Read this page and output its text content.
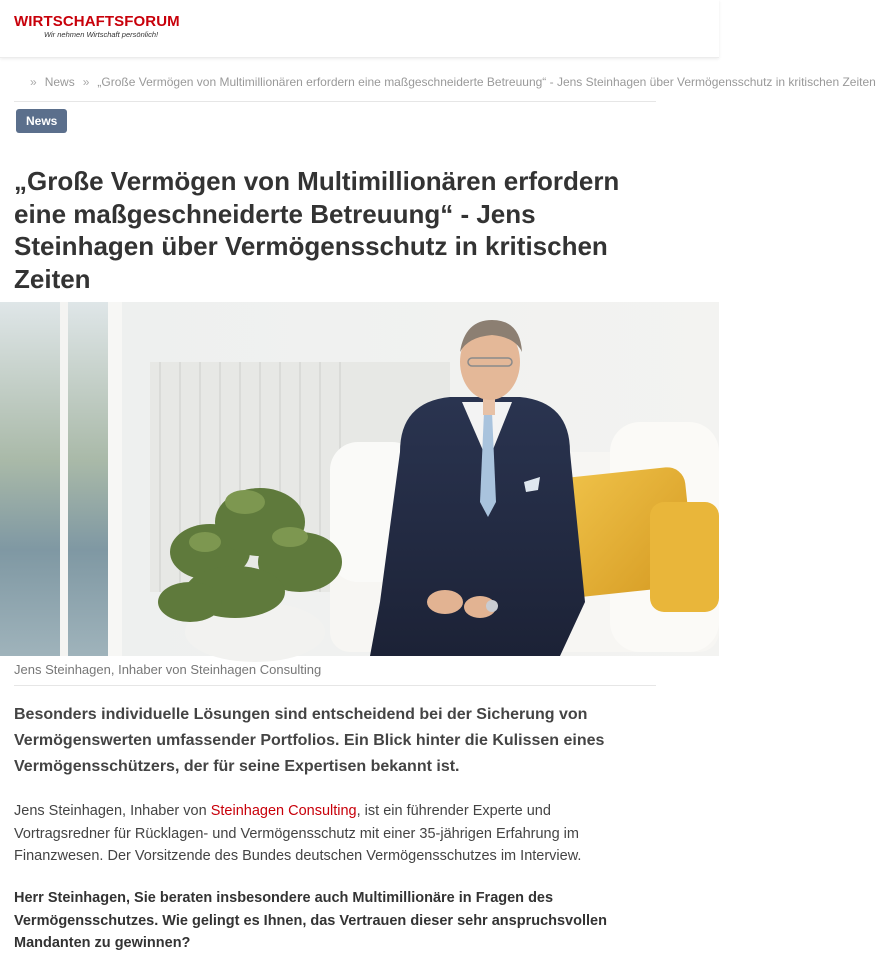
WIRTSCHAFTSFORUM
Wir nehmen Wirtschaft persönlich!
» News » „Große Vermögen von Multimillionären erfordern eine maßgeschneiderte Betreuung“ - Jens Steinhagen über Vermögensschutz in kritischen Zeiten
News
„Große Vermögen von Multimillionären erfordern eine maßgeschneiderte Betreuung“ - Jens Steinhagen über Vermögensschutz in kritischen Zeiten
Jens Steinhagen, Inhaber von Steinhagen Consulting

Besonders individuelle Lösungen sind entscheidend bei der Sicherung von Vermögenswerten umfassender Portfolios. Ein Blick hinter die Kulissen eines Vermögensschützers, der für seine Expertisen bekannt ist.

Jens Steinhagen, Inhaber von Steinhagen Consulting, ist ein führender Experte und Vortragsredner für Rücklagen- und Vermögensschutz mit einer 35-jährigen Erfahrung im Finanzwesen. Der Vorsitzende des Bundes deutschen Vermögensschutzes im Interview.

Herr Steinhagen, Sie beraten insbesondere auch Multimillionäre in Fragen des Vermögensschutzes. Wie gelingt es Ihnen, das Vertrauen dieser sehr anspruchsvollen Mandanten zu gewinnen?
